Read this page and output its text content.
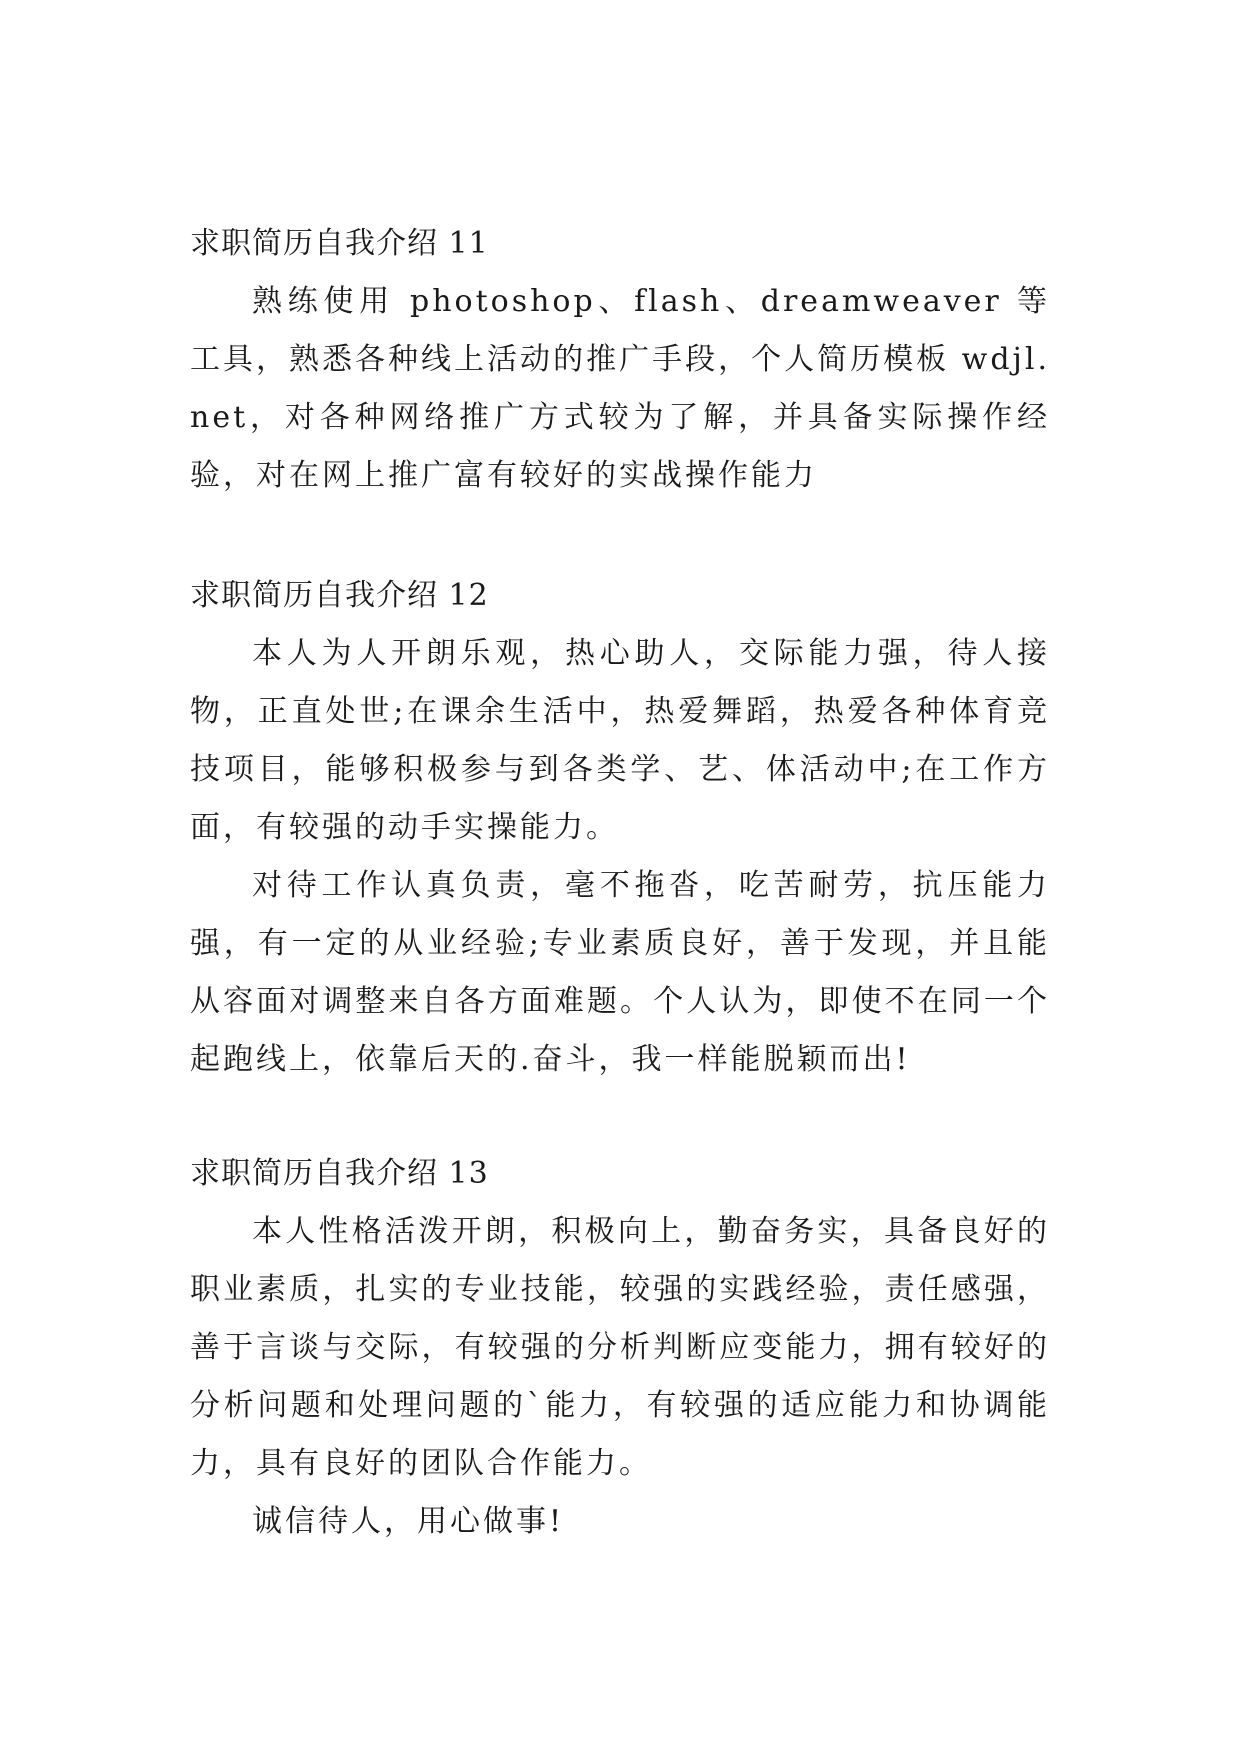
求职简历自我介绍 11

熟练使用 photoshop、flash、dreamweaver 等工具，熟悉各种线上活动的推广手段，个人简历模板 wdjl.net，对各种网络推广方式较为了解，并具备实际操作经验，对在网上推广富有较好的实战操作能力

求职简历自我介绍 12

本人为人开朗乐观，热心助人，交际能力强，待人接物，正直处世;在课余生活中，热爱舞蹈，热爱各种体育竞技项目，能够积极参与到各类学、艺、体活动中;在工作方面，有较强的动手实操能力。

对待工作认真负责，毫不拖沓，吃苦耐劳，抗压能力强，有一定的从业经验;专业素质良好，善于发现，并且能从容面对调整来自各方面难题。个人认为，即使不在同一个起跑线上，依靠后天的.奋斗，我一样能脱颖而出!

求职简历自我介绍 13

本人性格活泼开朗，积极向上，勤奋务实，具备良好的职业素质，扎实的专业技能，较强的实践经验，责任感强，善于言谈与交际，有较强的分析判断应变能力，拥有较好的分析问题和处理问题的`能力，有较强的适应能力和协调能力，具有良好的团队合作能力。

诚信待人，用心做事!
